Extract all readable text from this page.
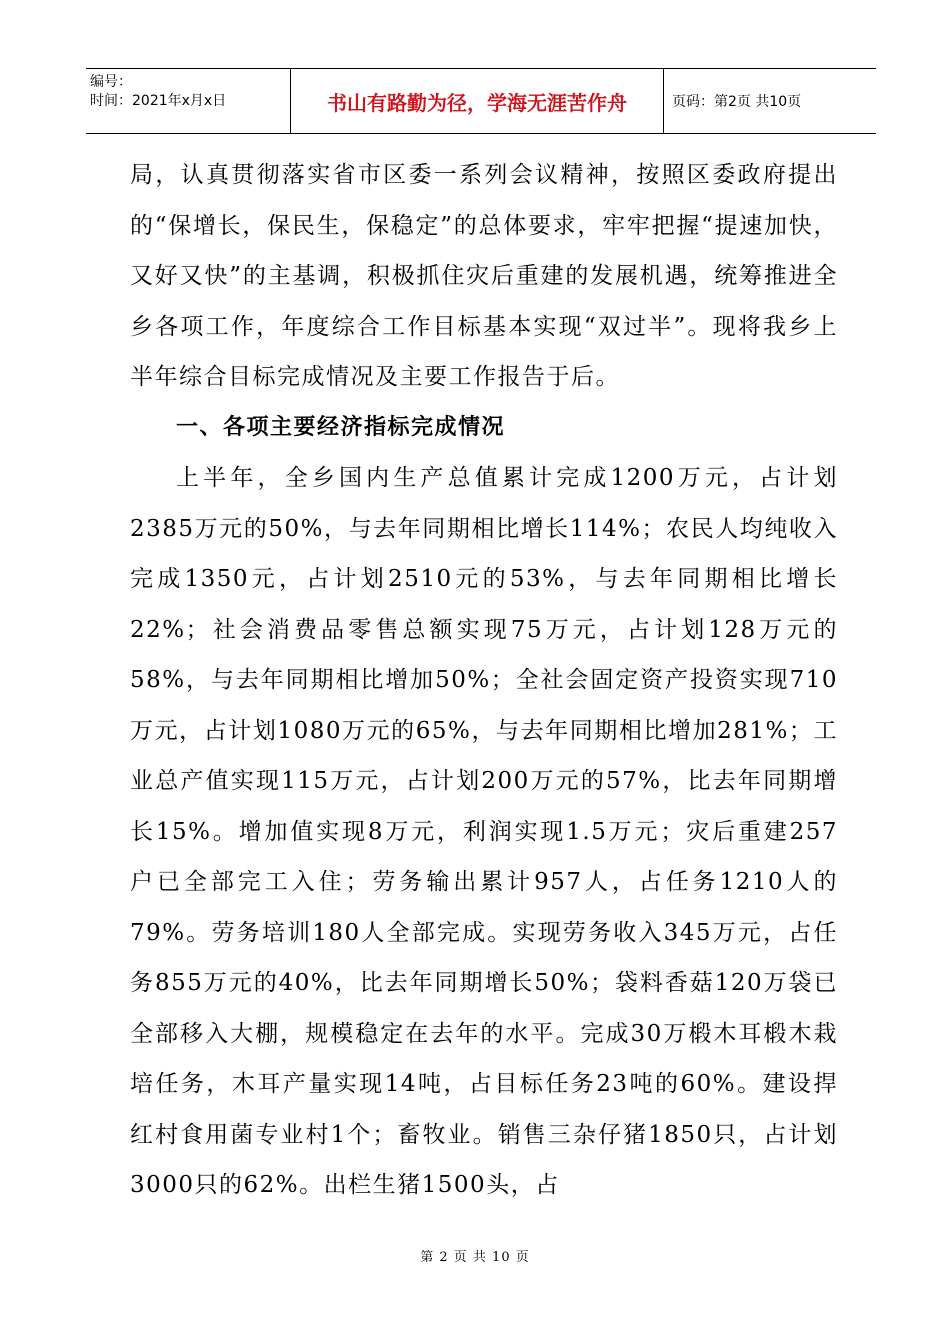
编号：
时间：2021年x月x日	书山有路勤为径，学海无涯苦作舟	页码：第2页 共10页

局，认真贯彻落实省市区委一系列会议精神，按照区委政府提出的“保增长，保民生，保稳定”的总体要求，牢牢把握“提速加快，又好又快”的主基调，积极抓住灾后重建的发展机遇，统筹推进全乡各项工作，年度综合工作目标基本实现“双过半”。现将我乡上半年综合目标完成情况及主要工作报告于后。

一、各项主要经济指标完成情况

上半年，全乡国内生产总值累计完成1200万元，占计划2385万元的50%，与去年同期相比增长114%；农民人均纯收入完成1350元，占计划2510元的53%，与去年同期相比增长22%；社会消费品零售总额实现75万元，占计划128万元的58%，与去年同期相比增加50%；全社会固定资产投资实现710万元，占计划1080万元的65%，与去年同期相比增加281%；工业总产值实现115万元，占计划200万元的57%，比去年同期增长15%。增加值实现8万元，利润实现1.5万元；灾后重建257 户已全部完工入住；劳务输出累计957人，占任务1210人的79%。劳务培训180人全部完成。实现劳务收入345万元，占任务855万元的40%，比去年同期增长50%；袋料香菇120万袋已全部移入大棚，规模稳定在去年的水平。完成30万椴木耳椴木栽培任务，木耳产量实现14吨，占目标任务23吨的60%。建设捍红村食用菌专业村1个；畜牧业。销售三杂仔猪1850只，占计划3000只的62%。出栏生猪1500头，占

第 2 页 共 10 页
